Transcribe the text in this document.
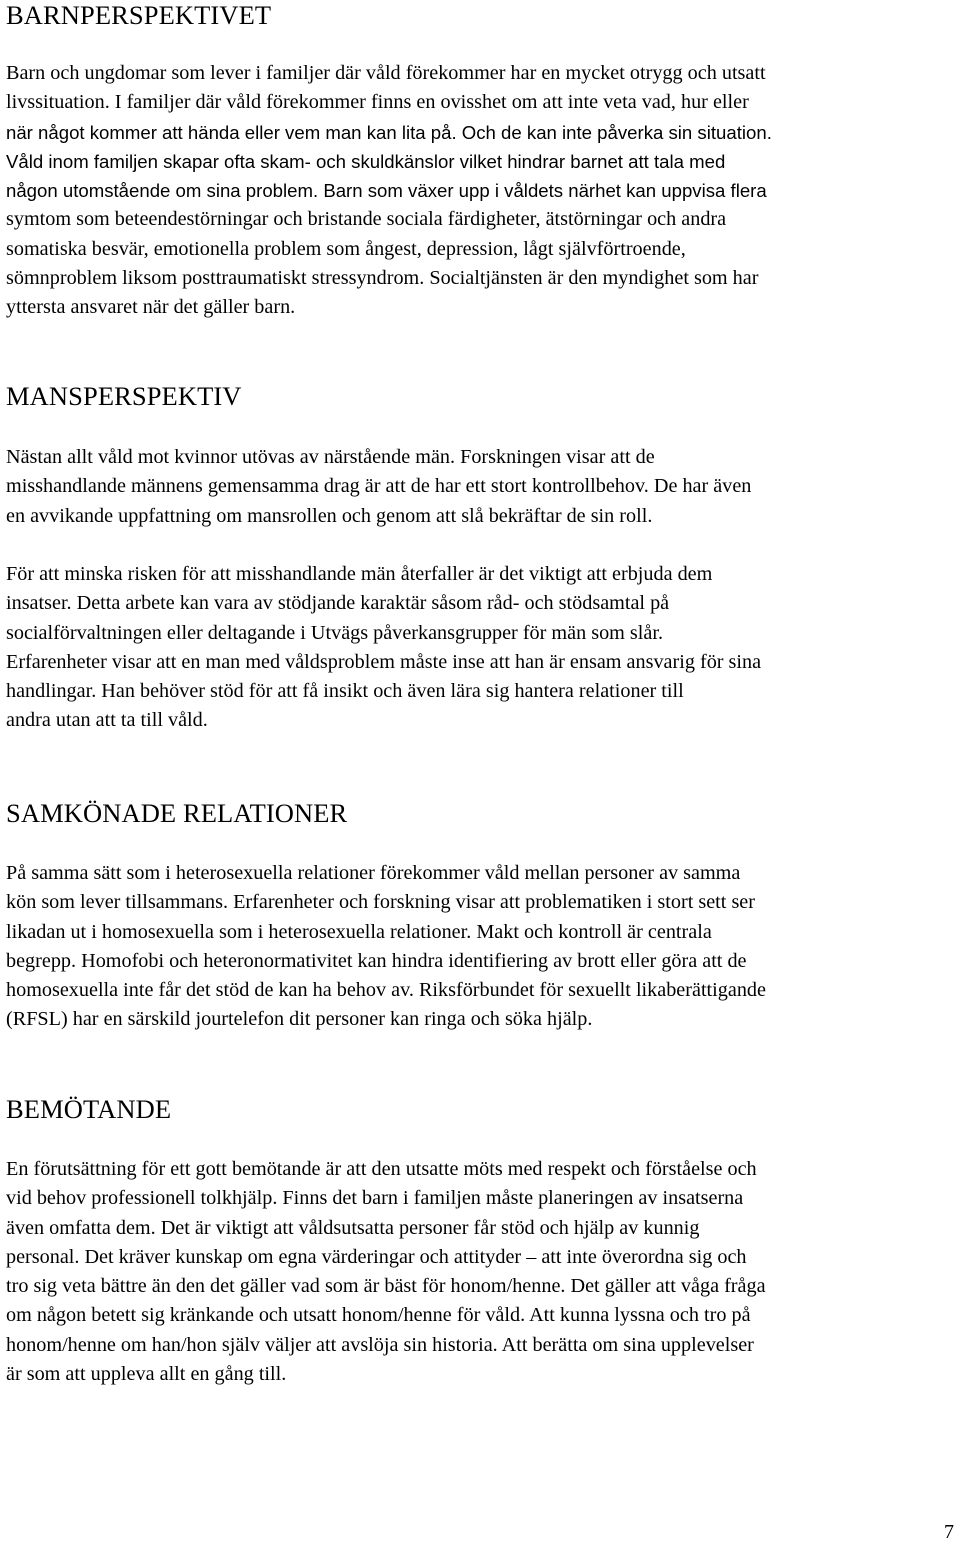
BARNPERSPEKTIVET

Barn och ungdomar som lever i familjer där våld förekommer har en mycket otrygg och utsatt
livssituation. I familjer där våld förekommer finns en ovisshet om att inte veta vad, hur eller
när något kommer att hända eller vem man kan lita på. Och de kan inte påverka sin situation.
Våld inom familjen skapar ofta skam- och skuldkänslor vilket hindrar barnet att tala med
någon utomstående om sina problem. Barn som växer upp i våldets närhet kan uppvisa flera
symtom som beteendestörningar och bristande sociala färdigheter, ätstörningar och andra
somatiska besvär, emotionella problem som ångest, depression, lågt självförtroende,
sömnproblem liksom posttraumatiskt stressyndrom. Socialtjänsten är den myndighet som har
yttersta ansvaret när det gäller barn.

MANSPERSPEKTIV

Nästan allt våld mot kvinnor utövas av närstående män. Forskningen visar att de
misshandlande männens gemensamma drag är att de har ett stort kontrollbehov. De har även
en avvikande uppfattning om mansrollen och genom att slå bekräftar de sin roll.

För att minska risken för att misshandlande män återfaller är det viktigt att erbjuda dem
insatser. Detta arbete kan vara av stödjande karaktär såsom råd- och stödsamtal på
socialförvaltningen eller deltagande i Utvägs påverkansgrupper för män som slår.
Erfarenheter visar att en man med våldsproblem måste inse att han är ensam ansvarig för sina
handlingar. Han behöver stöd för att få insikt och även lära sig hantera relationer till
andra utan att ta till våld.

SAMKÖNADE RELATIONER

På samma sätt som i heterosexuella relationer förekommer våld mellan personer av samma
kön som lever tillsammans. Erfarenheter och forskning visar att problematiken i stort sett ser
likadan ut i homosexuella som i heterosexuella relationer. Makt och kontroll är centrala
begrepp. Homofobi och heteronormativitet kan hindra identifiering av brott eller göra att de
homosexuella inte får det stöd de kan ha behov av. Riksförbundet för sexuellt likaberättigande
(RFSL) har en särskild jourtelefon dit personer kan ringa och söka hjälp.

BEMÖTANDE

En förutsättning för ett gott bemötande är att den utsatte möts med respekt och förståelse och
vid behov professionell tolkhjälp. Finns det barn i familjen måste planeringen av insatserna
även omfatta dem. Det är viktigt att våldsutsatta personer får stöd och hjälp av kunnig
personal. Det kräver kunskap om egna värderingar och attityder – att inte överordna sig och
tro sig veta bättre än den det gäller vad som är bäst för honom/henne. Det gäller att våga fråga
om någon betett sig kränkande och utsatt honom/henne för våld. Att kunna lyssna och tro på
honom/henne om han/hon själv väljer att avslöja sin historia. Att berätta om sina upplevelser
är som att uppleva allt en gång till.

7
